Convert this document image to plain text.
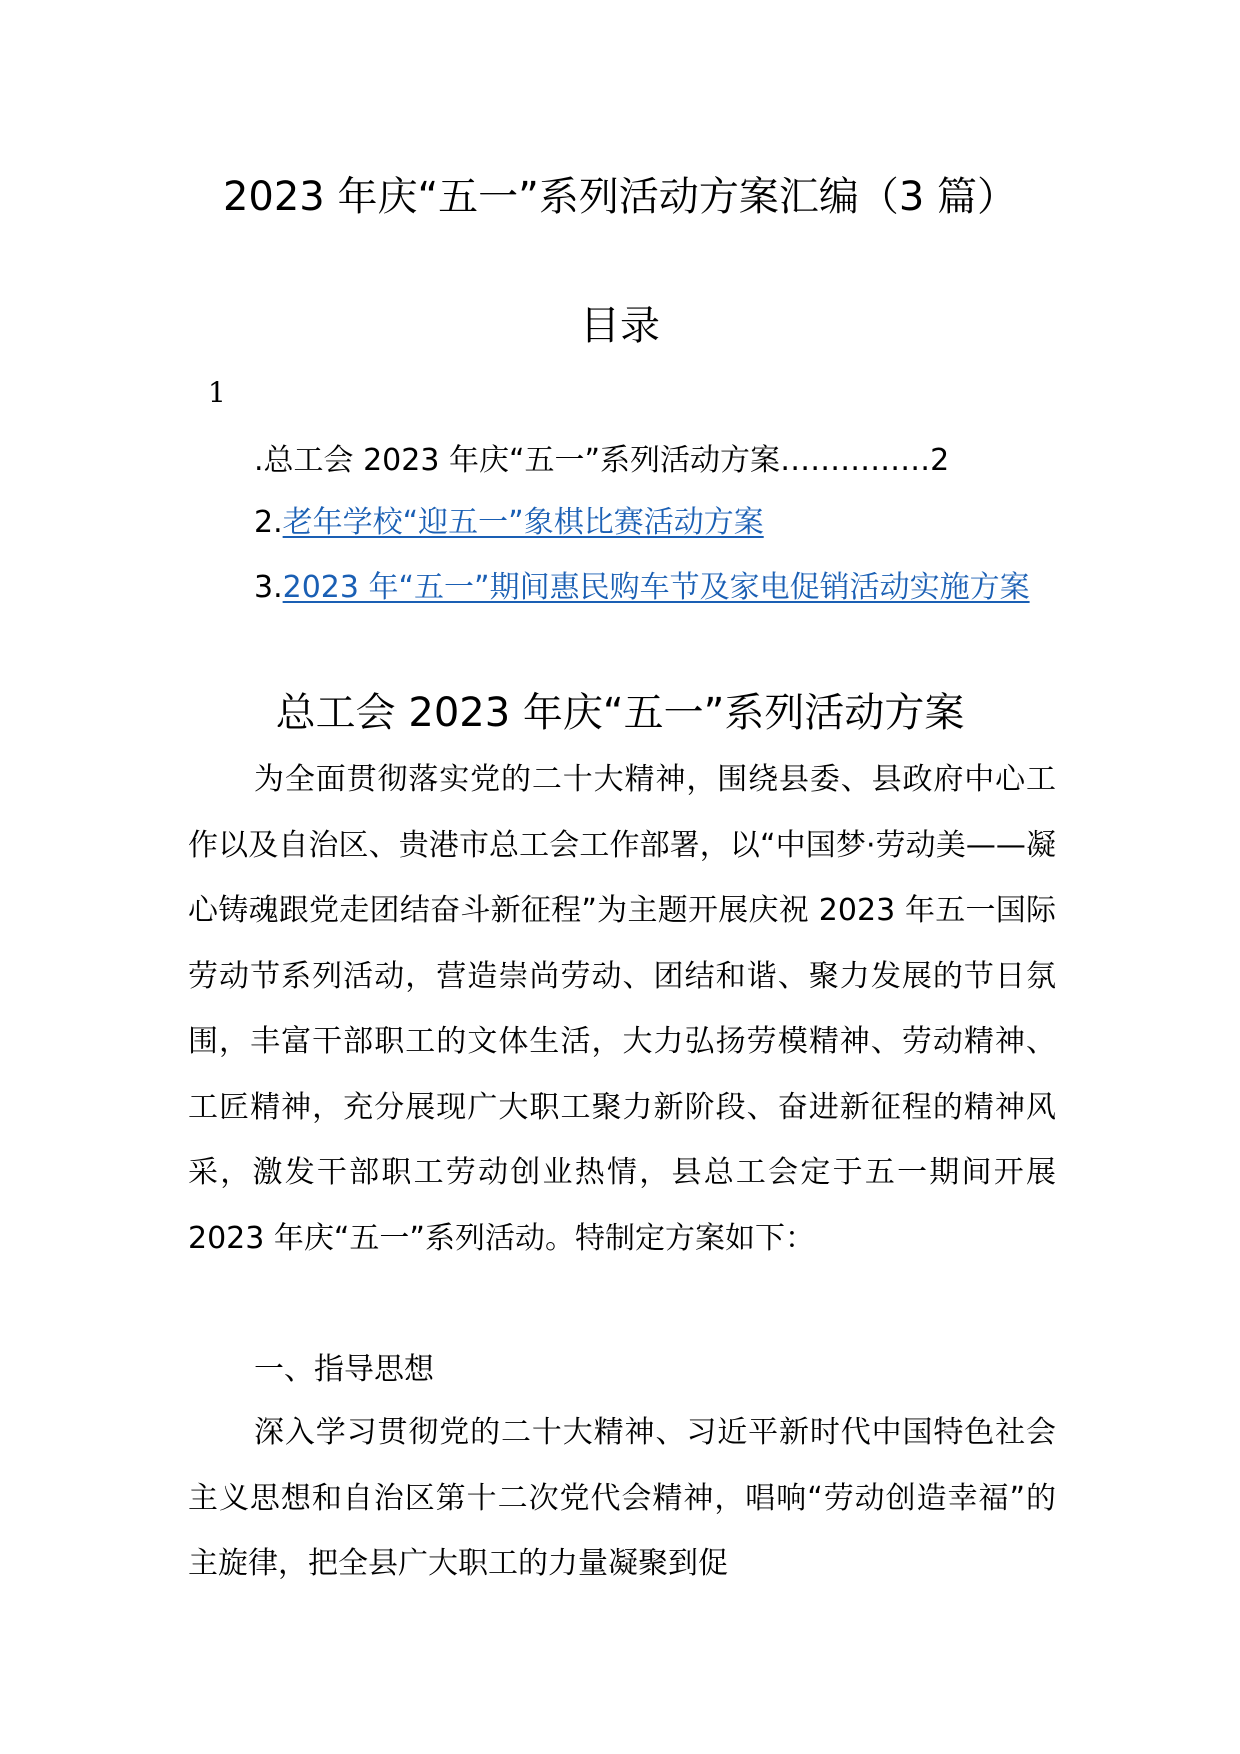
2023 年庆“五一”系列活动方案汇编（3 篇）
目录
1
.总工会 2023 年庆“五一”系列活动方案……………2
2.老年学校“迎五一”象棋比赛活动方案
3.2023 年“五一”期间惠民购车节及家电促销活动实施方案
总工会 2023 年庆“五一”系列活动方案
为全面贯彻落实党的二十大精神，围绕县委、县政府中心工作以及自治区、贵港市总工会工作部署，以“中国梦·劳动美——凝心铸魂跟党走团结奋斗新征程”为主题开展庆祝 2023 年五一国际劳动节系列活动，营造崇尚劳动、团结和谐、聚力发展的节日氛围，丰富干部职工的文体生活，大力弘扬劳模精神、劳动精神、工匠精神，充分展现广大职工聚力新阶段、奋进新征程的精神风采，激发干部职工劳动创业热情，县总工会定于五一期间开展 2023 年庆“五一”系列活动。特制定方案如下：
一、指导思想
深入学习贯彻党的二十大精神、习近平新时代中国特色社会主义思想和自治区第十二次党代会精神，唱响“劳动创造幸福”的主旋律，把全县广大职工的力量凝聚到促
